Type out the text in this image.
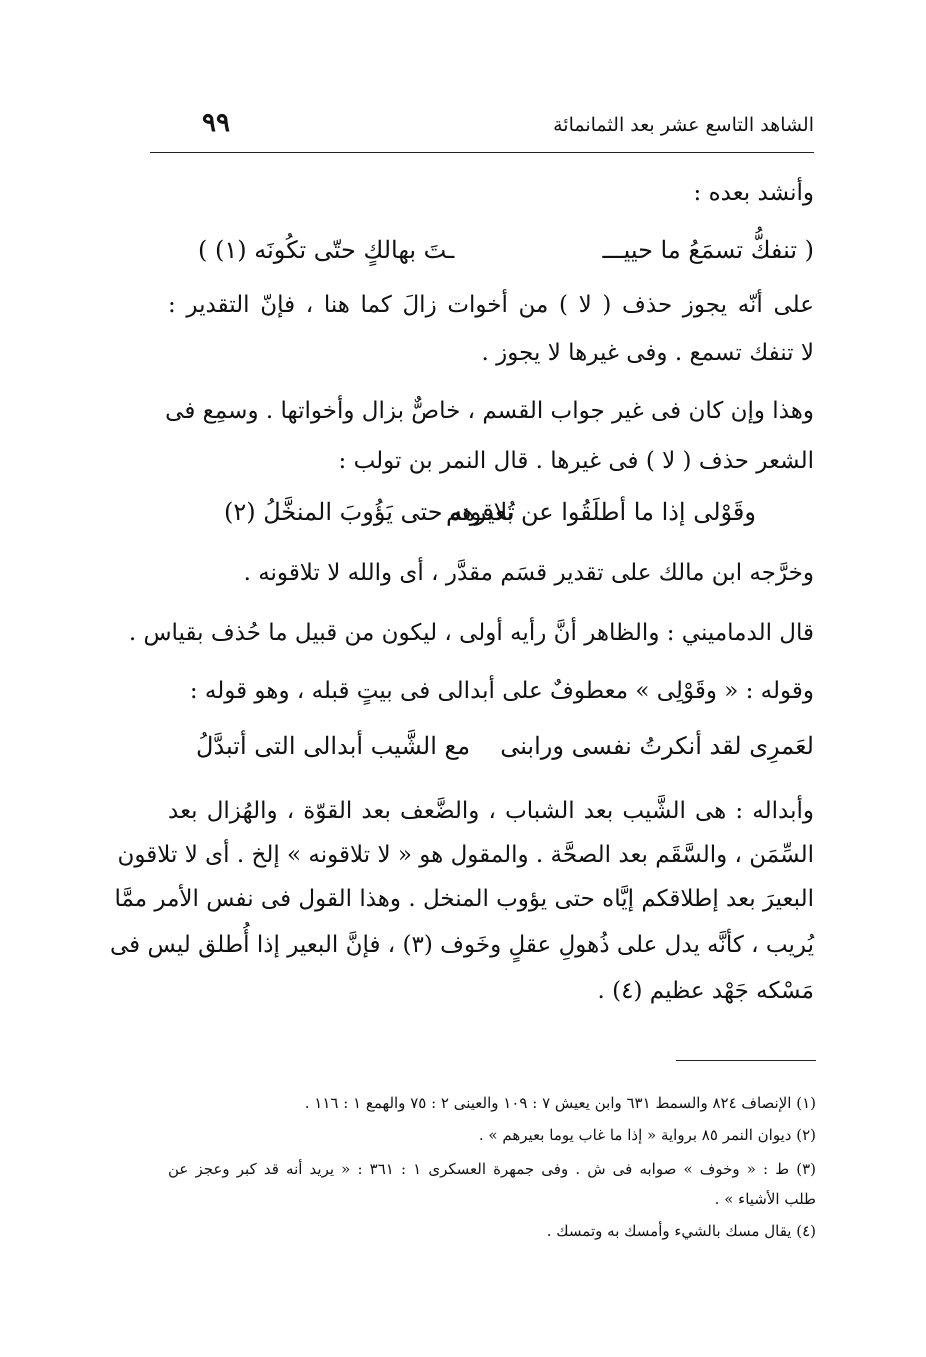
الشاهد التاسع عشر بعد الثمانمائة
٩٩
وأنشد بعده :
( تنفكُّ تسمَعُ ما حييـــ
ـتَ بهالكٍ حتّى تكُونَه (١) )
على أنّه يجوز حذف ( لا ) من أخوات زالَ كما هنا ، فإنّ التقدير :
لا تنفك تسمع . وفى غيرها لا يجوز .
وهذا وإن كان فى غير جواب القسم ، خاصٌّ بزال وأخواتها . وسمِع فى
الشعر حذف ( لا ) فى غيرها . قال النمر بن تولب :
وقَوْلى إذا ما أطلَقُوا عن بعيرهم
تُلاقونه حتى يَؤُوبَ المنخَّلُ (٢)
وخرَّجه ابن مالك على تقدير قسَم مقدَّر ، أى والله لا تلاقونه .
قال الدماميني : والظاهر أنَّ رأيه أولى ، ليكون من قبيل ما حُذف بقياس .
وقوله : « وقَوْلِى » معطوفٌ على أبدالى فى بيتٍ قبله ، وهو قوله :
لعَمرِى لقد أنكرتُ نفسى ورابنى
مع الشَّيب أبدالى التى أتبدَّلُ
وأبداله : هى الشَّيب بعد الشباب ، والضَّعف بعد القوّة ، والهُزال بعد
السِّمَن ، والسَّقَم بعد الصحَّة . والمقول هو « لا تلاقونه » إلخ . أى لا تلاقون
البعيرَ بعد إطلاقكم إيَّاه حتى يؤوب المنخل . وهذا القول فى نفس الأمر ممَّا
يُريب ، كأنَّه يدل على ذُهولِ عقلٍ وخَوف (٣) ، فإنَّ البعير إذا أُطلق ليس فى
مَسْكه جَهْد عظيم (٤) .
(١) الإنصاف ٨٢٤ والسمط ٦٣١ وابن يعيش ٧ : ١٠٩ والعينى ٢ : ٧٥ والهمع ١ : ١١٦ .
(٢) ديوان النمر ٨٥ برواية « إذا ما غاب يوما بعيرهم » .
(٣) ط : « وخوف » صوابه فى ش . وفى جمهرة العسكرى ١ : ٣٦١ : « يريد أنه قد كبر وعجز عن
طلب الأشياء » .
(٤) يقال مسك بالشيء وأمسك به وتمسك .
